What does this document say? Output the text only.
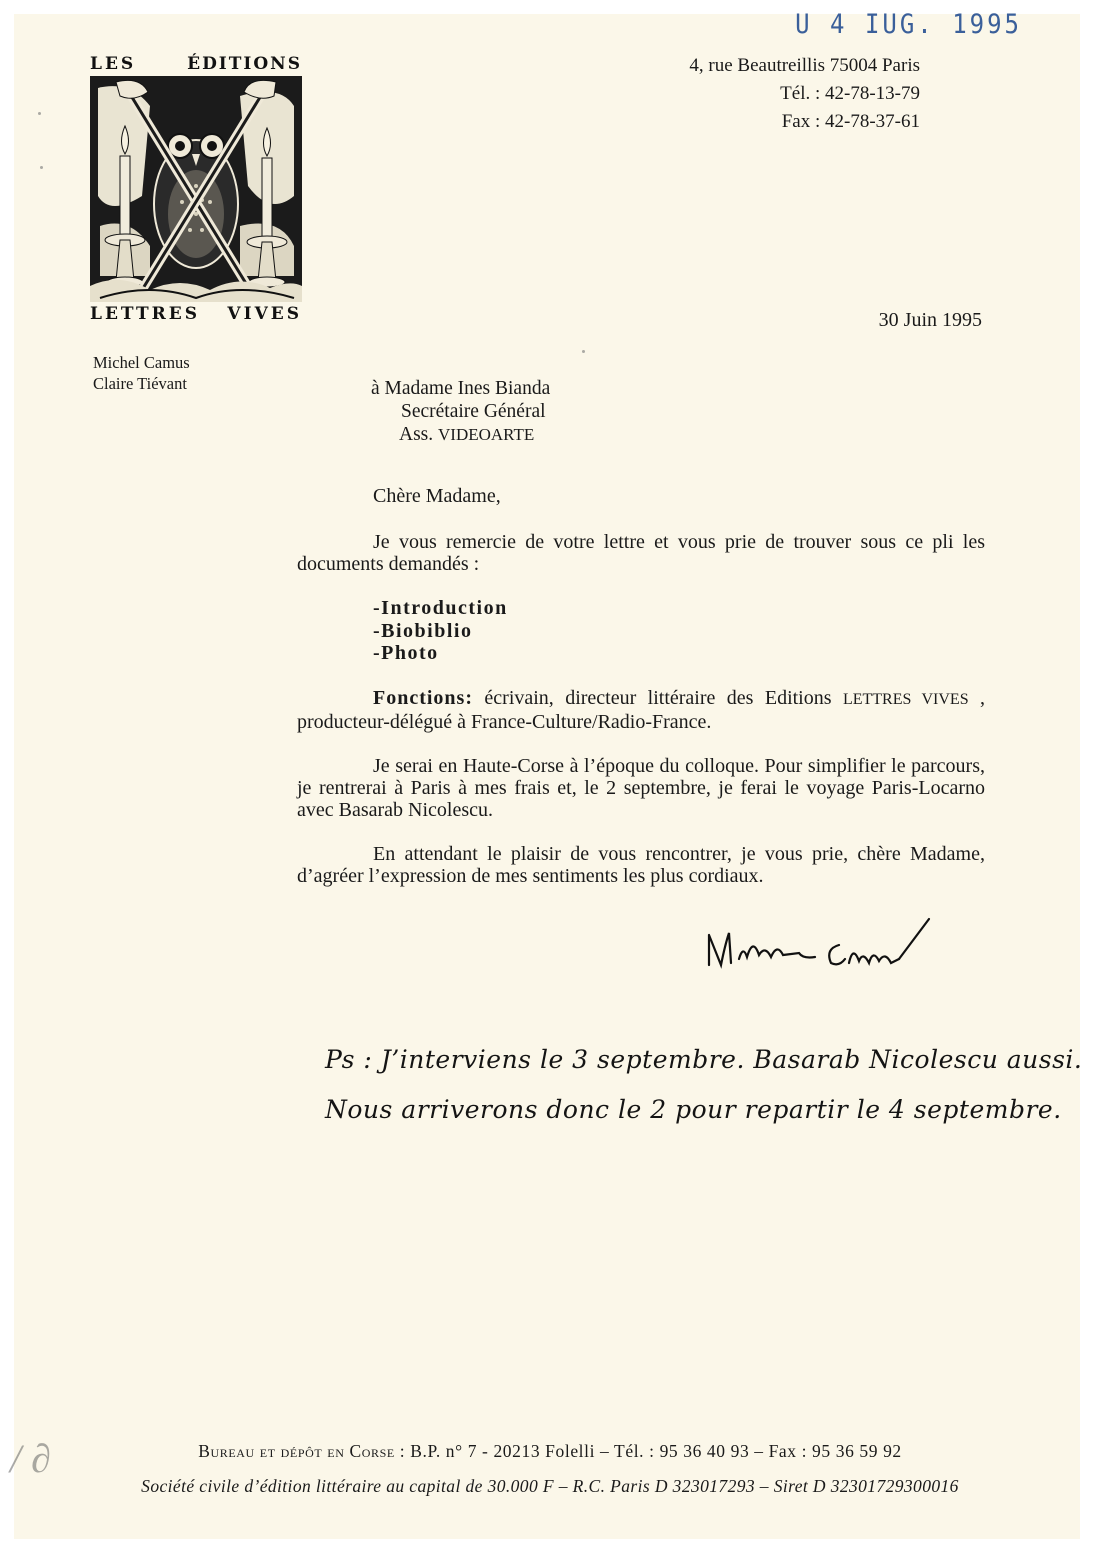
U 4 IUG. 1995
LES	ÉDITIONS
LETTRES VIVES
Michel Camus
Claire Tiévant
4, rue Beautreillis 75004 Paris
Tél. : 42-78-13-79
Fax : 42-78-37-61
30 Juin 1995
à Madame Ines Bianda
Secrétaire Général
Ass. VIDEOARTE

Chère Madame,

Je vous remercie de votre lettre et vous prie de trouver sous ce pli les documents demandés :

-Introduction
-Biobiblio
-Photo

Fonctions: écrivain, directeur littéraire des Editions LETTRES VIVES , producteur-délégué à France-Culture/Radio-France.

Je serai en Haute-Corse à l’époque du colloque. Pour simplifier le parcours, je rentrerai à Paris à mes frais et, le 2 septembre, je ferai le voyage Paris-Locarno avec Basarab Nicolescu.

En attendant le plaisir de vous rencontrer, je vous prie, chère Madame, d’agréer l’expression de mes sentiments les plus cordiaux.

Ps : J’interviens le 3 septembre. Basarab Nicolescu aussi.
Nous arriverons donc le 2 pour repartir le 4 septembre.
Bureau et dépôt en Corse : B.P. n° 7 - 20213 Folelli – Tél. : 95 36 40 93 – Fax : 95 36 59 92
Société civile d’édition littéraire au capital de 30.000 F – R.C. Paris D 323017293 – Siret D 32301729300016
/ ∂
